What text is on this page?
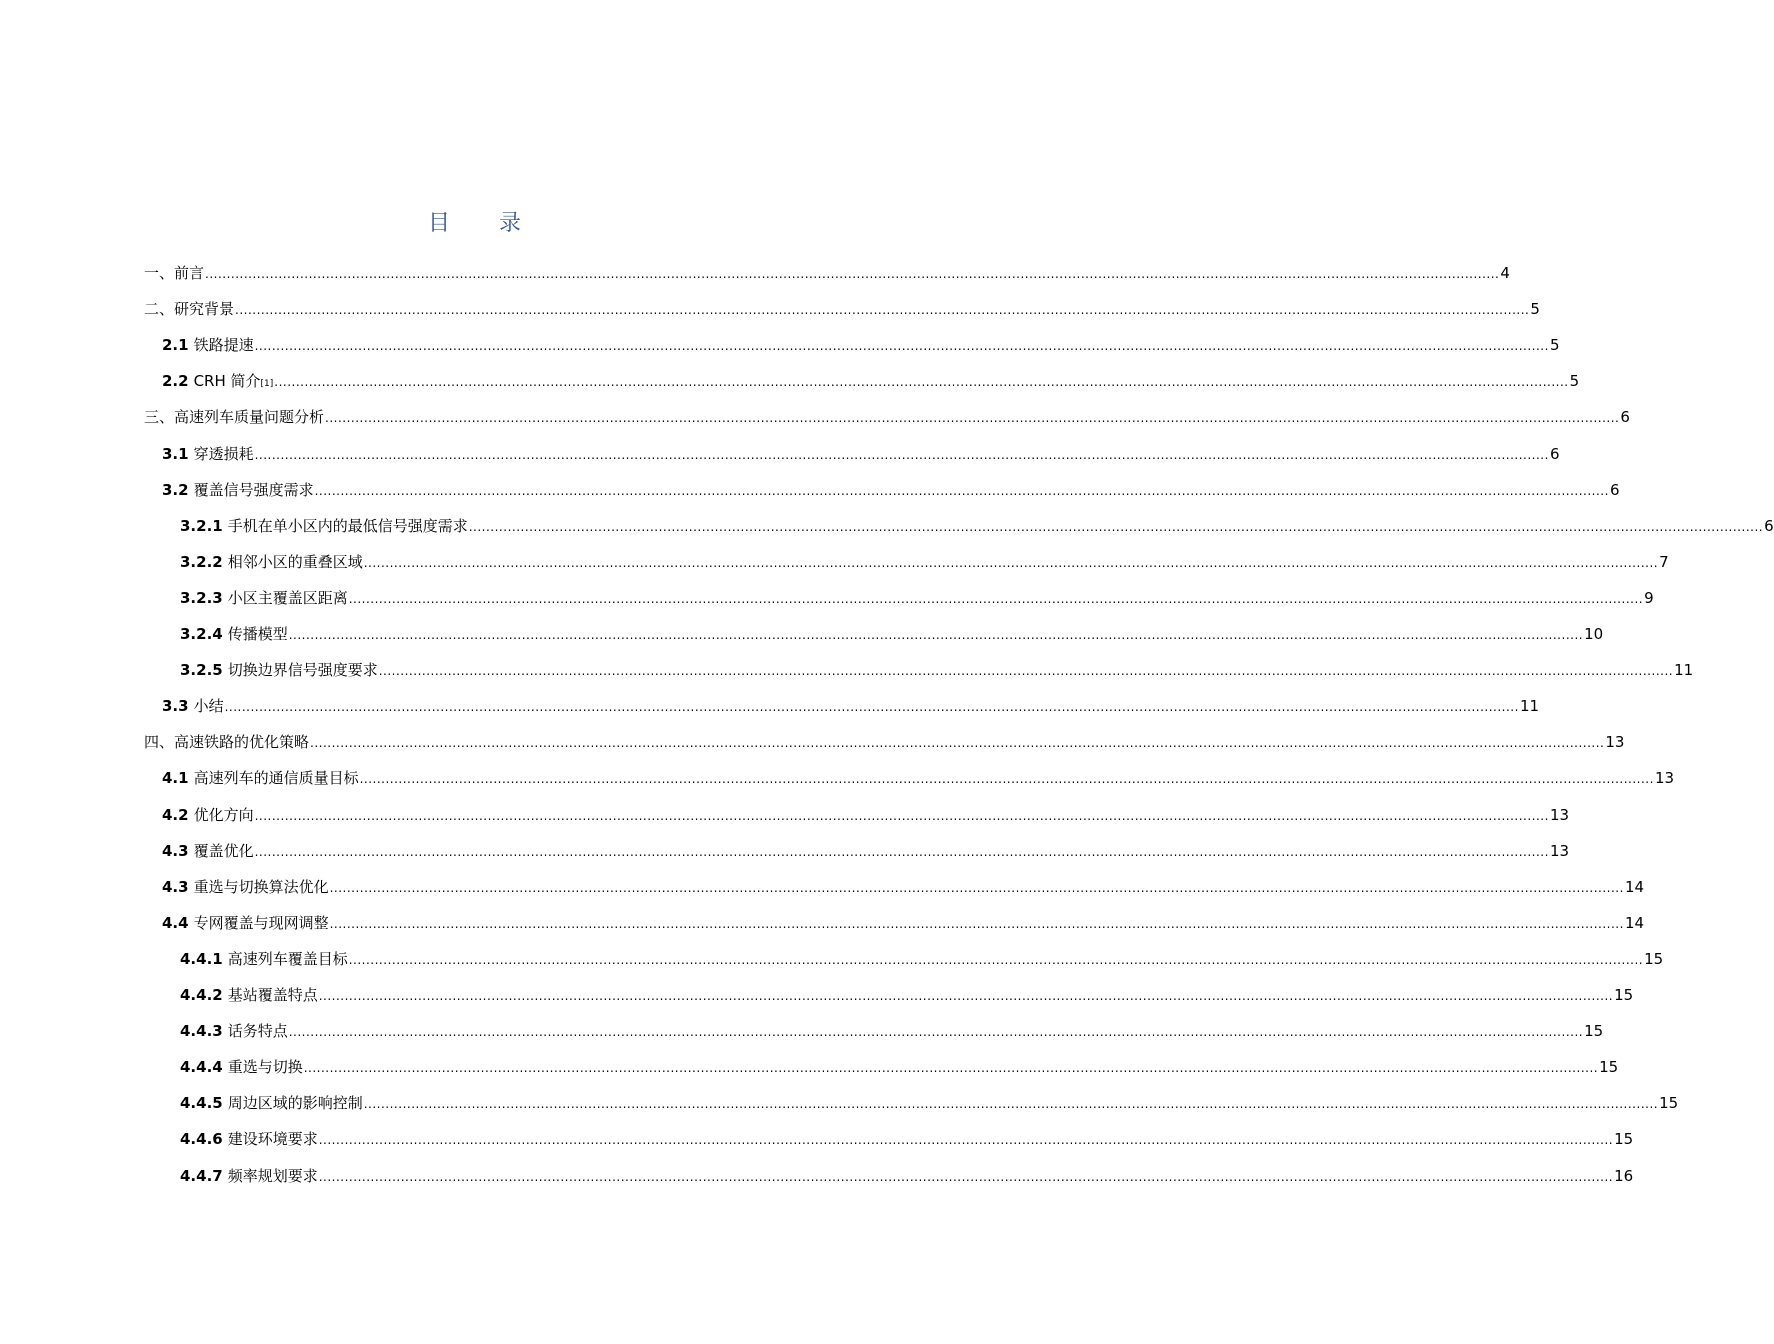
目 录
一、 前言 ............................................................................................................................................................................................................................................................................................................ 4
二、 研究背景 ............................................................................................................................................................................................................................................................................................................ 5
2.1 铁路提速 ............................................................................................................................................................................................................................................................................................................ 5
2.2 CRH 简介 [1] ............................................................................................................................................................................................................................................................................................................ 5
三、 高速列车质量问题分析 ............................................................................................................................................................................................................................................................................................................ 6
3.1 穿透损耗 ............................................................................................................................................................................................................................................................................................................ 6
3.2 覆盖信号强度需求 ............................................................................................................................................................................................................................................................................................................ 6
3.2.1 手机在单小区内的最低信号强度需求 ............................................................................................................................................................................................................................................................................................................ 6
3.2.2 相邻小区的重叠区域 ............................................................................................................................................................................................................................................................................................................ 7
3.2.3 小区主覆盖区距离 ............................................................................................................................................................................................................................................................................................................ 9
3.2.4 传播模型 ............................................................................................................................................................................................................................................................................................................ 10
3.2.5 切换边界信号强度要求 ............................................................................................................................................................................................................................................................................................................ 11
3.3 小结 ............................................................................................................................................................................................................................................................................................................ 11
四、 高速铁路的优化策略 ............................................................................................................................................................................................................................................................................................................ 13
4.1 高速列车的通信质量目标 ............................................................................................................................................................................................................................................................................................................ 13
4.2 优化方向 ............................................................................................................................................................................................................................................................................................................ 13
4.3 覆盖优化 ............................................................................................................................................................................................................................................................................................................ 13
4.3 重选与切换算法优化 ............................................................................................................................................................................................................................................................................................................ 14
4.4 专网覆盖与现网调整 ............................................................................................................................................................................................................................................................................................................ 14
4.4.1 高速列车覆盖目标 ............................................................................................................................................................................................................................................................................................................ 15
4.4.2 基站覆盖特点 ............................................................................................................................................................................................................................................................................................................ 15
4.4.3 话务特点 ............................................................................................................................................................................................................................................................................................................ 15
4.4.4 重选与切换 ............................................................................................................................................................................................................................................................................................................ 15
4.4.5 周边区域的影响控制 ............................................................................................................................................................................................................................................................................................................ 15
4.4.6 建设环境要求 ............................................................................................................................................................................................................................................................................................................ 15
4.4.7 频率规划要求 ............................................................................................................................................................................................................................................................................................................ 16
